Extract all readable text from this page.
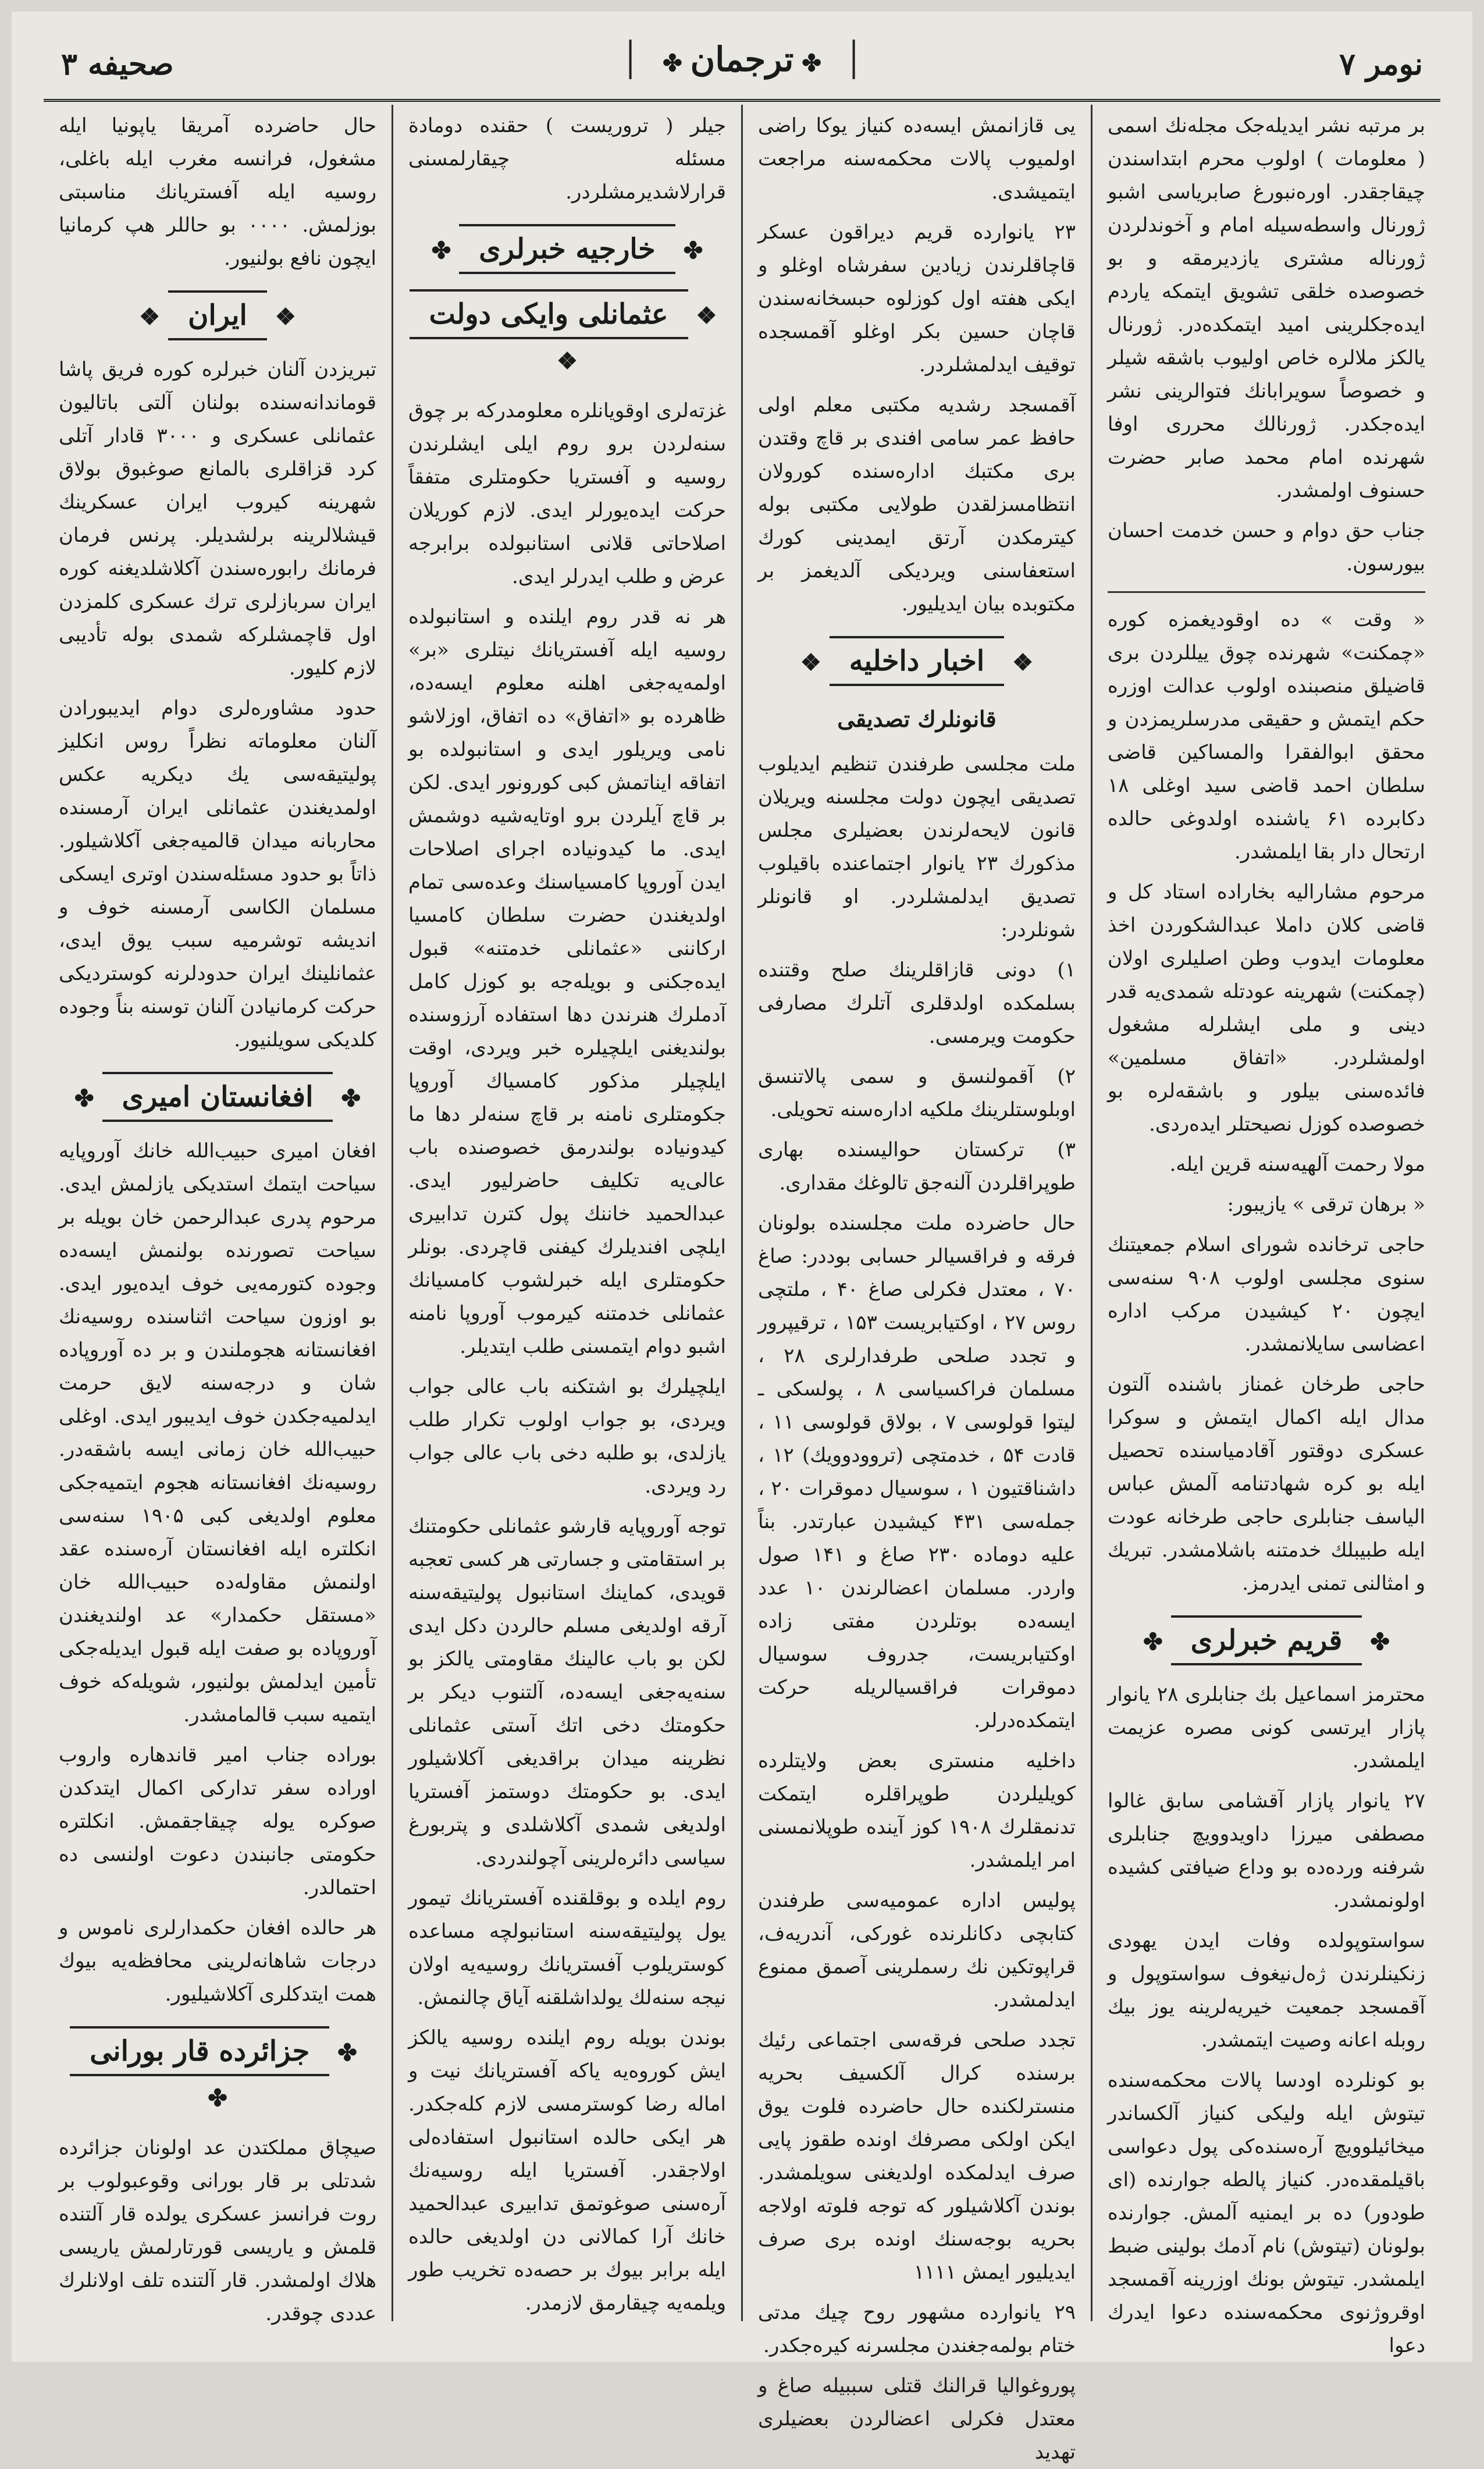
صحیفه ۳	✤ترجمان✤	نومر ۷

بر مرتبه نشر ایدیله‌جک مجله‌نك اسمی ( معلومات ) اولوب محرم ابتداسندن چیقاجقدر. اوره‌نبورغ صابریاسی اشبو ژورنال واسطه‌سیله امام و آخوندلردن ژورناله مشتری یازدیرمقه و بو خصوصده خلقی تشویق ایتمکه یاردم ایده‌جکلرینی امید ایتمکده‌در. ژورنال یالکز ملالره خاص اولیوب باشقه شیلر و خصوصاً سویرابانك فتوالرینی نشر ایده‌جکدر. ژورنالك محرری اوفا شهرنده امام محمد صابر حضرت حسنوف اولمشدر.

جناب حق دوام و حسن خدمت احسان بیورسون.

« وقت » ده اوقودیغمزه کوره «چمکنت» شهرنده چوق ییللردن بری قاضیلق منصبنده اولوب عدالت اوزره حکم ایتمش و حقیقی مدرسلریمزدن و محقق ابوالفقرا والمساکین قاضی سلطان احمد قاضی سید اوغلی ۱۸ دکابرده ۶۱ یاشنده اولدوغی حالده ارتحال دار بقا ایلمشدر.

مرحوم مشارالیه بخاراده استاد کل و قاضی کلان داملا عبدالشکوردن اخذ معلومات ایدوب وطن اصلیلری اولان (چمکنت) شهرینه عودتله شمدی‌یه قدر دینی و ملی ایشلرله مشغول اولمشلردر. «اتفاق مسلمین» فائده‌سنی بیلور و باشقه‌لره بو خصوصده کوزل نصیحتلر ایده‌ردی.

مولا رحمت آلهیه‌سنه قرین ایله.

« برهان ترقی » یازیبور:

حاجی ترخانده شورای اسلام جمعیتنك سنوی مجلسی اولوب ۹۰۸ سنه‌سی ایچون ۲۰ کیشیدن مرکب اداره اعضاسی سایلانمشدر.

حاجی طرخان غمناز باشنده آلتون مدال ایله اکمال ایتمش و سوکرا عسکری دوقتور آقادمیاسنده تحصیل ایله بو کره شهادتنامه آلمش عباس الیاسف جنابلری حاجی طرخانه عودت ایله طبیبلك خدمتنه باشلامشدر. تبریك و امثالنی تمنی ایدرمز.

✤قریم خبرلری✤

محترمز اسماعیل بك جنابلری ۲۸ یانوار پازار ایرتسی کونی مصره عزیمت ایلمشدر.

۲۷ یانوار پازار آقشامی سابق غالوا مصطفی میرزا داویدوویچ جنابلری شرفنه ورده‌ده بو وداع ضیافتی کشیده اولونمشدر.

سواستوپولده وفات ایدن یهودی زنکینلرندن ژه‌ل‌نیغوف سواستوپول و آقمسجد جمعیت خیریه‌لرینه یوز بیك روبله اعانه وصیت ایتمشدر.

بو کونلرده اودسا پالات محکمه‌سنده تیتوش ایله ولیکی کنیاز آلکساندر میخائیلوویچ آره‌سنده‌کی پول دعواسی باقیلمقده‌در. کنیاز پالطه جوارنده (ای طودور) ده بر ایمنیه آلمش. جوارنده بولونان (تیتوش) نام آدمك بولینی ضبط ایلمشدر. تیتوش بونك اوزرینه آقمسجد اوقروژنوی محکمه‌سنده دعوا ایدرك دعوا

یی قازانمش ایسه‌ده کنیاز یوکا راضی اولمیوب پالات محکمه‌سنه مراجعت ایتمیشدی.

۲۳ یانوارده قریم دیراقون عسکر قاچاقلرندن زیادین سفرشاه اوغلو و ایکی هفته اول کوزلوه حبسخانه‌سندن قاچان حسین بکر اوغلو آقمسجده توقیف ایدلمشلردر.

آقمسجد رشدیه مکتبی معلم اولی حافظ عمر سامی افندی بر قاچ وقتدن بری مکتبك اداره‌سنده کورولان انتظامسزلقدن طولایی مکتبی بوله کیترمکدن آرتق ایمدینی کورك استعفاسنی ویردیکی آلدیغمز بر مکتوبده بیان ایدیلیور.

❖اخبار داخلیه❖
قانونلرك تصدیقی

ملت مجلسی طرفندن تنظیم ایدیلوب تصدیقی ایچون دولت مجلسنه ویریلان قانون لایحه‌لرندن بعضیلری مجلس مذکورك ۲۳ یانوار اجتماعنده باقیلوب تصدیق ایدلمشلردر. او قانونلر شونلردر:

۱) دونی قازاقلرینك صلح وقتنده بسلمکده اولدقلری آتلرك مصارفی حکومت ویرمسی.

۲) آقمولنسق و سمی پالاتنسق اوبلوستلرینك ملکیه اداره‌سنه تحویلی.

۳) ترکستان حوالیسنده بهاری طوپراقلردن آلنه‌جق تالوغك مقداری.

حال حاضرده ملت مجلسنده بولونان فرقه و فراقسیالر حسابی بوددر: صاغ ۷۰ ، معتدل فکرلی صاغ ۴۰ ، ملتچی روس ۲۷ ، اوکتیابریست ۱۵۳ ، ترقیپرور و تجدد صلحی طرفدارلری ۲۸ ، مسلمان فراکسیاسی ۸ ، پولسکی ـ لیتوا قولوسی ۷ ، بولاق قولوسی ۱۱ ، قادت ۵۴ ، خدمتچی (تروودوویك) ۱۲ ، داشناقتیون ۱ ، سوسیال دموقرات ۲۰ ، جمله‌سی ۴۳۱ کیشیدن عبارتدر. بناً علیه دوماده ۲۳۰ صاغ و ۱۴۱ صول واردر. مسلمان اعضالرندن ۱۰ عدد ایسه‌ده بوتلردن مفتی زاده اوکتیابریست، جدروف سوسیال دموقرات فراقسیالریله حرکت ایتمکده‌درلر.

داخلیه منستری بعض ولایتلرده کویلیلردن طوپراقلره ایتمكت تدنمقلرك ۱۹۰۸ کوز آینده طوپلانمسنی امر ایلمشدر.

پولیس اداره عمومیه‌سی طرفندن کتابچی دکانلرنده غورکی، آندریه‌ف، قراپوتکین نك رسملرینی آصمق ممنوع ایدلمشدر.

تجدد صلحی فرقه‌سی اجتماعی رئیك برسنده کرال آلکسیف بحریه منسترلکنده حال حاضرده فلوت یوق ایکن اولکی مصرفك اونده طقوز پایی صرف ایدلمکده اولدیغنی سویلمشدر. بوندن آکلاشیلور که توجه فلوته اولاجه بحریه بوجه‌سنك اونده بری صرف ایدیلیور ایمش ۱۱۱۱

۲۹ یانوارده مشهور روح چیك مدتی ختام بولمه‌جغندن مجلسرنه کیره‌جکدر.

پوروغوالیا قرالنك قتلی سببیله صاغ و معتدل فکرلی اعضالردن بعضیلری تهدید

جیلر ( تروریست ) حقنده دومادة مسئله چیقارلمسنی قرارلاشدیرمشلردر.

✤خارجیه خبرلری✤
❖عثمانلی وایکی دولت❖

غزته‌لری اوقویانلره معلومدرکه بر چوق سنه‌لردن برو روم ایلی ایشلرندن روسیه و آفستریا حکومتلری متفقاً حرکت ایده‌یورلر ایدی. لازم کوریلان اصلاحاتی قلانی استانبولده برابرجه عرض و طلب ایدرلر ایدی.

هر نه قدر روم ایلنده و استانبولده روسیه ایله آفستریانك نیتلری «بر» اولمه‌یه‌جغی اهلنه معلوم ایسه‌ده، ظاهرده بو «اتفاق» ده اتفاق، اوزلاشو نامی ویریلور ایدی و استانبولده بو اتفاقه ایناتمش کبی کورونور ایدی. لکن بر قاچ آیلردن برو اوتایه‌شیه دوشمش ایدی. ما کیدونیاده اجرای اصلاحات ایدن آوروپا کامسیاسنك وعده‌سی تمام اولدیغندن حضرت سلطان کامسیا ارکاننی «عثمانلی خدمتنه» قبول ایده‌جکنی و بویله‌جه بو کوزل کامل آدملرك هنرندن دها استفاده آرزوسنده بولندیغنی ایلچیلره خبر ویردی، اوقت ایلچیلر مذکور کامسیاك آوروپا جکومتلری نامنه بر قاچ سنه‌لر دها ما کیدونیاده بولندرمق خصوصنده باب عالی‌یه تکلیف حاضرلیور ایدی. عبدالحمید خاننك پول کترن تدابیری ایلچی افندیلرك کیفنی قاچردی. بونلر حکومتلری ایله خبرلشوب کامسیانك عثمانلی خدمتنه کیرموب آوروپا نامنه اشبو دوام ایتمسنی طلب ایتدیلر.

ایلچیلرك بو اشتکنه باب عالی جواب ویردی، بو جواب اولوب تکرار طلب یازلدی، بو طلبه دخی باب عالی جواب رد ویردی.

توجه آوروپایه قارشو عثمانلی حکومتنك بر استقامتی و جسارتی هر کسی تعجبه قویدی، کماینك استانبول پولیتیقه‌سنه آرقه اولدیغی مسلم حالردن دکل ایدی لکن بو باب عالینك مقاومتی یالکز بو سنه‌یه‌جغی ایسه‌ده، آلتنوب دیکر بر حکومتك دخی اتك آستی عثمانلی نظرینه میدان براقدیغی آکلاشیلور ایدی. بو حکومتك دوستمز آفستریا اولدیغی شمدی آکلاشلدی و پتربورغ سیاسی دائره‌لرینی آچولندردی.

روم ایلده و بوقلقنده آفستریانك تیمور یول پولیتیقه‌سنه استانبولچه مساعده کوستریلوب آفستریانك روسیه‌یه اولان نیجه سنه‌لك یولداشلقنه آیاق چالنمش.

بوندن بویله روم ایلنده روسیه یالکز ایش کوروه‌یه یاکه آفستریانك نیت و اماله رضا کوسترمسی لازم کله‌جکدر. هر ایکی حالده استانبول استفاده‌لی اولاجقدر. آفستریا ایله روسیه‌نك آره‌سنی صوغوتمق تدابیری عبدالحمید خانك آرا کمالانی دن اولدیغی حالده ایله برابر بیوك بر حصه‌ده تخریب طور ویلمه‌یه چیقارمق لازمدر.

حال حاضرده آمریقا یاپونیا ایله مشغول، فرانسه مغرب ایله باغلی، روسیه ایله آفستریانك مناسبتی بوزلمش. ۰۰۰۰ بو حاللر هپ کرمانیا ایچون نافع بولنیور.

❖ایران❖

تبریزدن آلنان خبرلره کوره فریق پاشا قوماندانه‌سنده بولنان آلتی باتالیون عثمانلی عسکری و ۳۰۰۰ قادار آتلی کرد قزاقلری بالمانع صوغبوق بولاق شهرینه کیروب ایران عسکرینك قیشلالرینه برلشدیلر. پرنس فرمان فرمانك رابوره‌سندن آکلاشلدیغنه کوره ایران سربازلری ترك عسکری کلمزدن اول قاچمشلرکه شمدی بوله تأدیبی لازم کلیور.

حدود مشاوره‌لری دوام ایدیبورادن آلنان معلوماته نظراً روس انکلیز پولیتیقه‌سی یك دیکریه عکس اولمدیغندن عثمانلی ایران آرمسنده محاربانه میدان قالمیه‌جغی آکلاشیلور. ذاتاً بو حدود مسئله‌سندن اوتری ایسکی مسلمان الکاسی آرمسنه خوف و اندیشه توشرمیه سبب یوق ایدی، عثمانلینك ایران حدودلرنه کوستردیکی حرکت کرمانیادن آلنان توسنه بناً وجوده کلدیکی سویلنیور.

✤افغانستان امیری✤

افغان امیری حبیب‌الله خانك آوروپایه سیاحت ایتمك استدیکی یازلمش ایدی. مرحوم پدری عبدالرحمن خان بویله بر سیاحت تصورنده بولنمش ایسه‌ده وجوده کتورمه‌یی خوف ایده‌یور ایدی. بو اوزون سیاحت اثناسنده روسیه‌نك افغانستانه هجوملندن و بر ده آوروپاده شان و درجه‌سنه لایق حرمت ایدلمیه‌جکدن خوف ایدیبور ایدی. اوغلی حبیب‌الله خان زمانی ایسه باشقه‌در. روسیه‌نك افغانستانه هجوم ایتمیه‌جکی معلوم اولدیغی کبی ۱۹۰۵ سنه‌سی انکلتره ایله افغانستان آره‌سنده عقد اولنمش مقاوله‌ده حبیب‌الله خان «مستقل حکمدار» عد اولندیغندن آوروپاده بو صفت ایله قبول ایدیله‌جکی تأمین ایدلمش بولنیور، شویله‌که خوف ایتمیه سبب قالمامشدر.

بوراده جناب امیر قاندهاره واروب اوراده سفر تدارکی اکمال ایتدکدن صوکره یوله چیقاجقمش. انکلتره حکومتی جانبندن دعوت اولنسی ده احتمالدر.

هر حالده افغان حکمدارلری ناموس و درجات شاهانه‌لرینی محافظه‌یه بیوك همت ایتدکلری آکلاشیلیور.

✤جزائرده قار بورانی✤

صیچاق مملکتدن عد اولونان جزائرده شدتلی بر قار بورانی وقوعبولوب بر روت فرانسز عسکری یولده قار آلتنده قلمش و یاریسی قورتارلمش یاریسی هلاك اولمشدر. قار آلتنده تلف اولانلرك عددی چوقدر.
